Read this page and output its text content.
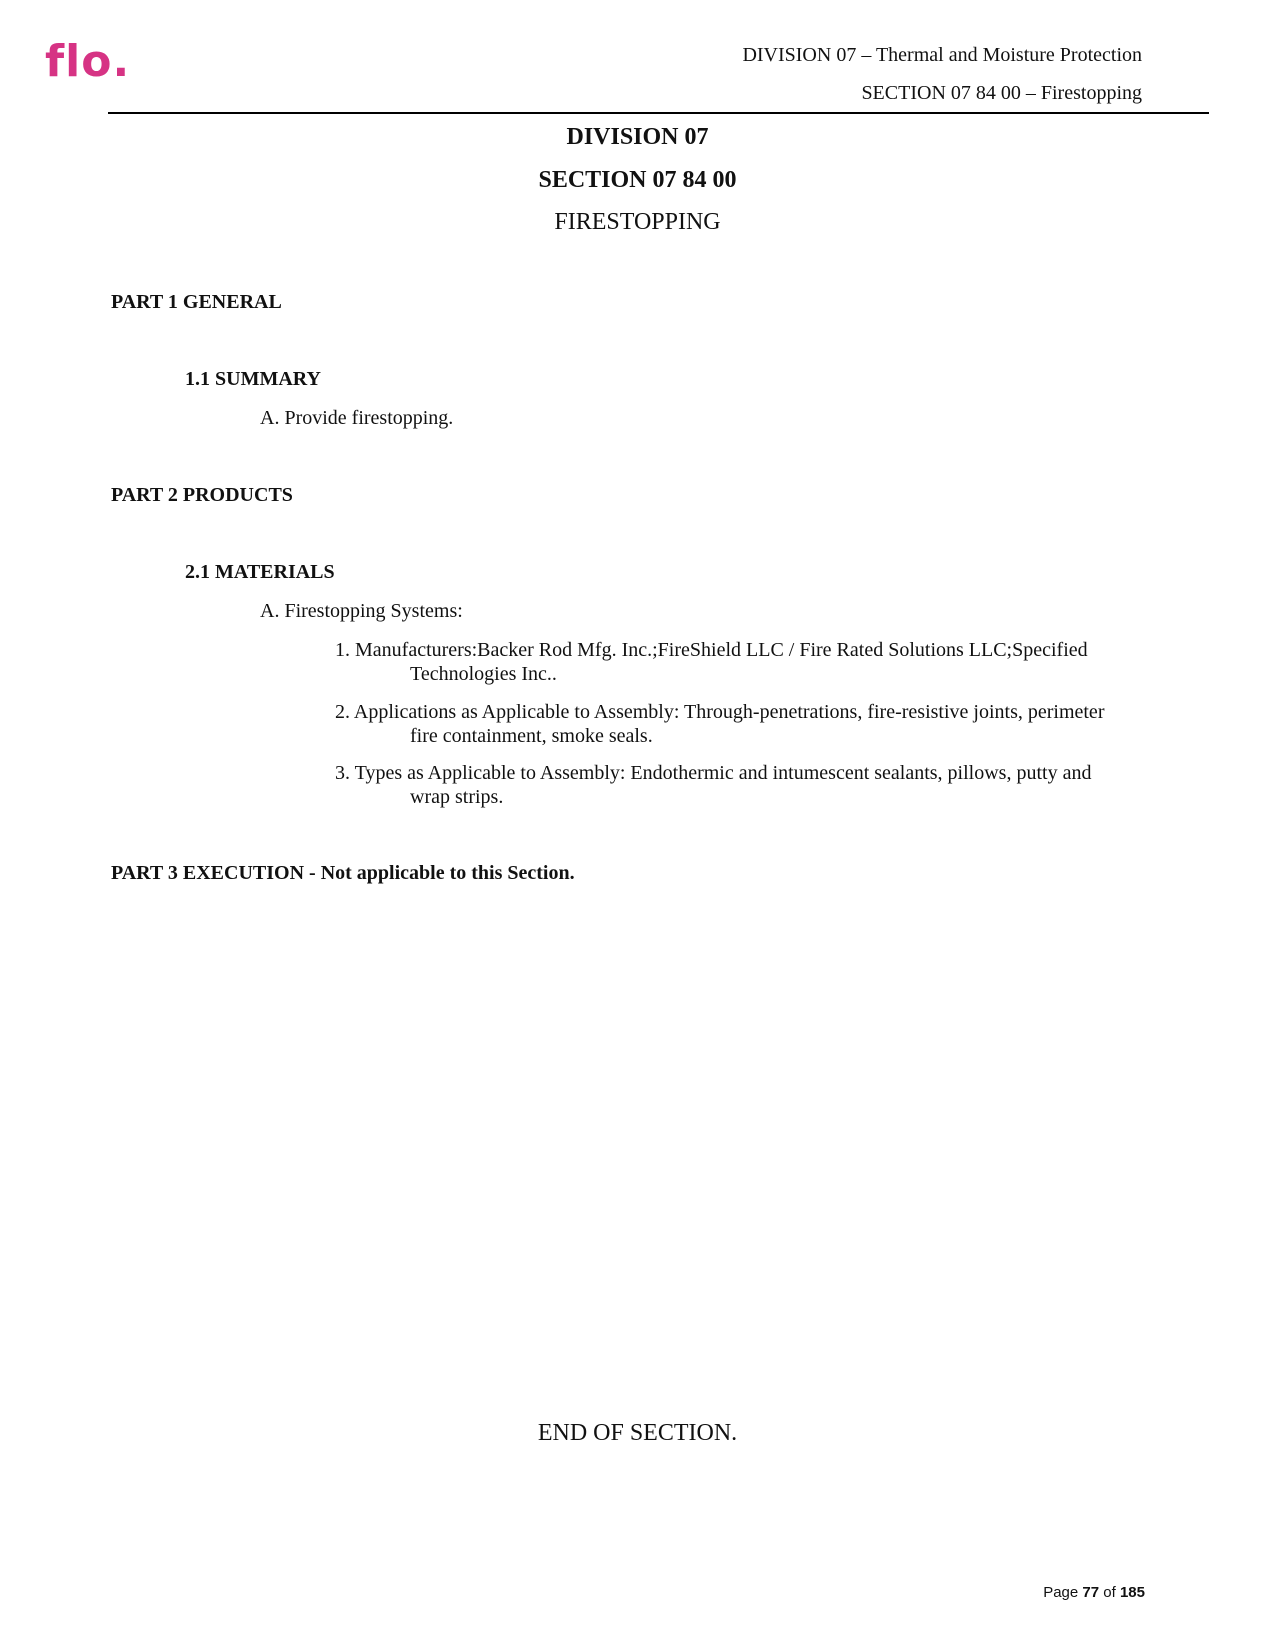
flo.	DIVISION 07 – Thermal and Moisture Protection
SECTION 07 84 00 – Firestopping
DIVISION 07
SECTION 07 84 00
FIRESTOPPING
PART 1 GENERAL
1.1 SUMMARY
A. Provide firestopping.
PART 2 PRODUCTS
2.1 MATERIALS
A. Firestopping Systems:
1. Manufacturers:Backer Rod Mfg. Inc.;FireShield LLC / Fire Rated Solutions LLC;Specified
Technologies Inc..
2. Applications as Applicable to Assembly: Through-penetrations, fire-resistive joints, perimeter
fire containment, smoke seals.
3. Types as Applicable to Assembly: Endothermic and intumescent sealants, pillows, putty and
wrap strips.
PART 3 EXECUTION - Not applicable to this Section.
END OF SECTION.
Page 77 of 185
